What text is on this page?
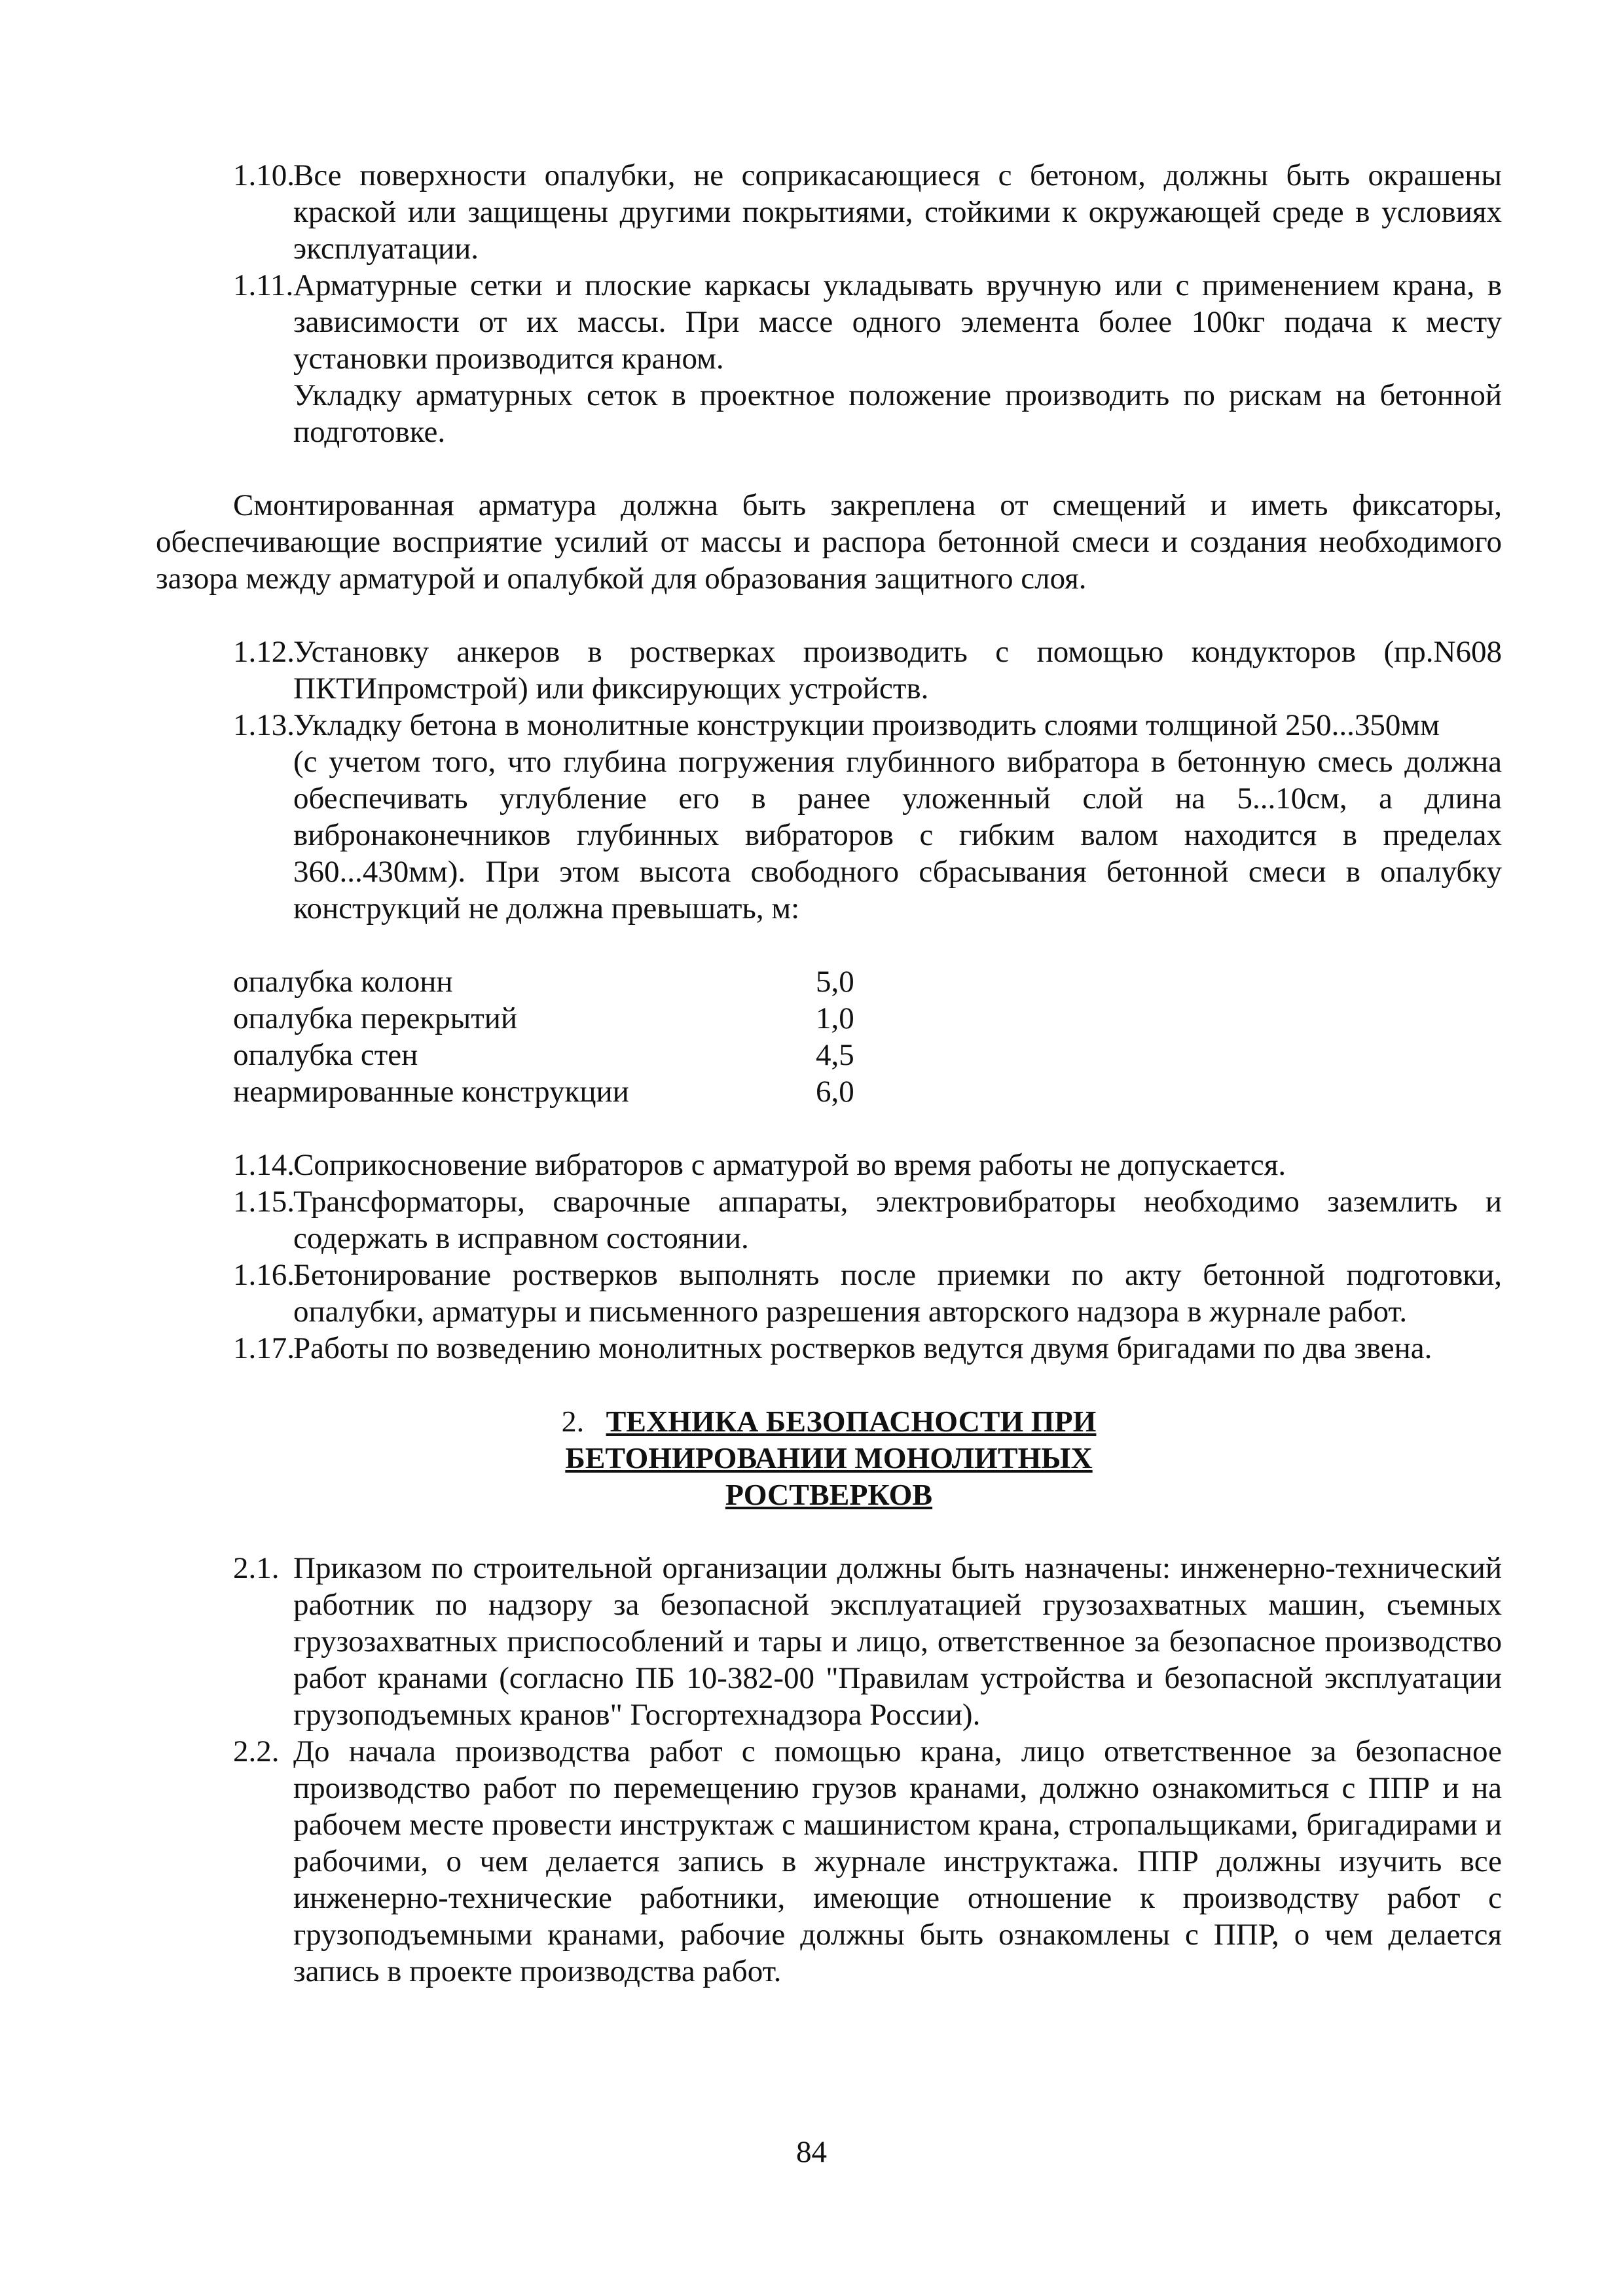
1.10.
Все поверхности опалубки, не соприкасающиеся с бетоном, должны быть окрашены краской или защищены другими покрытиями, стойкими к окружающей среде в условиях эксплуатации.
1.11. Арматурные сетки и плоские каркасы укладывать вручную или с применением крана, в зависимости от их массы. При массе одного элемента более 100кг подача к месту установки производится краном.
Укладку арматурных сеток в проектное положение производить по рискам на бетонной подготовке.
Смонтированная арматура должна быть закреплена от смещений и иметь фиксаторы, обеспечивающие восприятие усилий от массы и распора бетонной смеси и создания необходимого зазора между арматурой и опалубкой для образования защитного слоя.
1.12.
Установку анкеров в ростверках производить с помощью кондукторов (пр.N608 ПКТИпромстрой) или фиксирующих устройств.
1.13.
Укладку бетона в монолитные конструкции производить слоями толщиной 250...350мм
(с учетом того, что глубина погружения глубинного вибратора в бетонную смесь должна обеспечивать углубление его в ранее уложенный слой на 5...10см, а длина вибронаконечников глубинных вибраторов с гибким валом находится в пределах 360...430мм). При этом высота свободного сбрасывания бетонной смеси в опалубку конструкций не должна превышать, м:
опалубка колонн	5,0
опалубка перекрытий	1,0
опалубка стен	4,5
неармированные конструкции	6,0
1.14.
Соприкосновение вибраторов с арматурой во время работы не допускается.
1.15.
Трансформаторы, сварочные аппараты, электровибраторы необходимо заземлить и содержать в исправном состоянии.
1.16.
Бетонирование ростверков выполнять после приемки по акту бетонной подготовки, опалубки, арматуры и письменного разрешения авторского надзора в журнале работ.
1.17.
Работы по возведению монолитных ростверков ведутся двумя бригадами по два звена.
2. ТЕХНИКА БЕЗОПАСНОСТИ ПРИ
БЕТОНИРОВАНИИ МОНОЛИТНЫХ
РОСТВЕРКОВ
2.1. Приказом по строительной организации должны быть назначены: инженерно-технический работник по надзору за безопасной эксплуатацией грузозахватных машин, съемных грузозахватных приспособлений и тары и лицо, ответственное за безопасное производство работ кранами (согласно ПБ 10-382-00 "Правилам устройства и безопасной эксплуатации грузоподъемных кранов" Госгортехнадзора России).
2.2. До начала производства работ с помощью крана, лицо ответственное за безопасное производство работ по перемещению грузов кранами, должно ознакомиться с ППР и на рабочем месте провести инструктаж с машинистом крана, стропальщиками, бригадирами и рабочими, о чем делается запись в журнале инструктажа. ППР должны изучить все инженерно-технические работники, имеющие отношение к производству работ с грузоподъемными кранами, рабочие должны быть ознакомлены с ППР, о чем делается запись в проекте производства работ.
84
